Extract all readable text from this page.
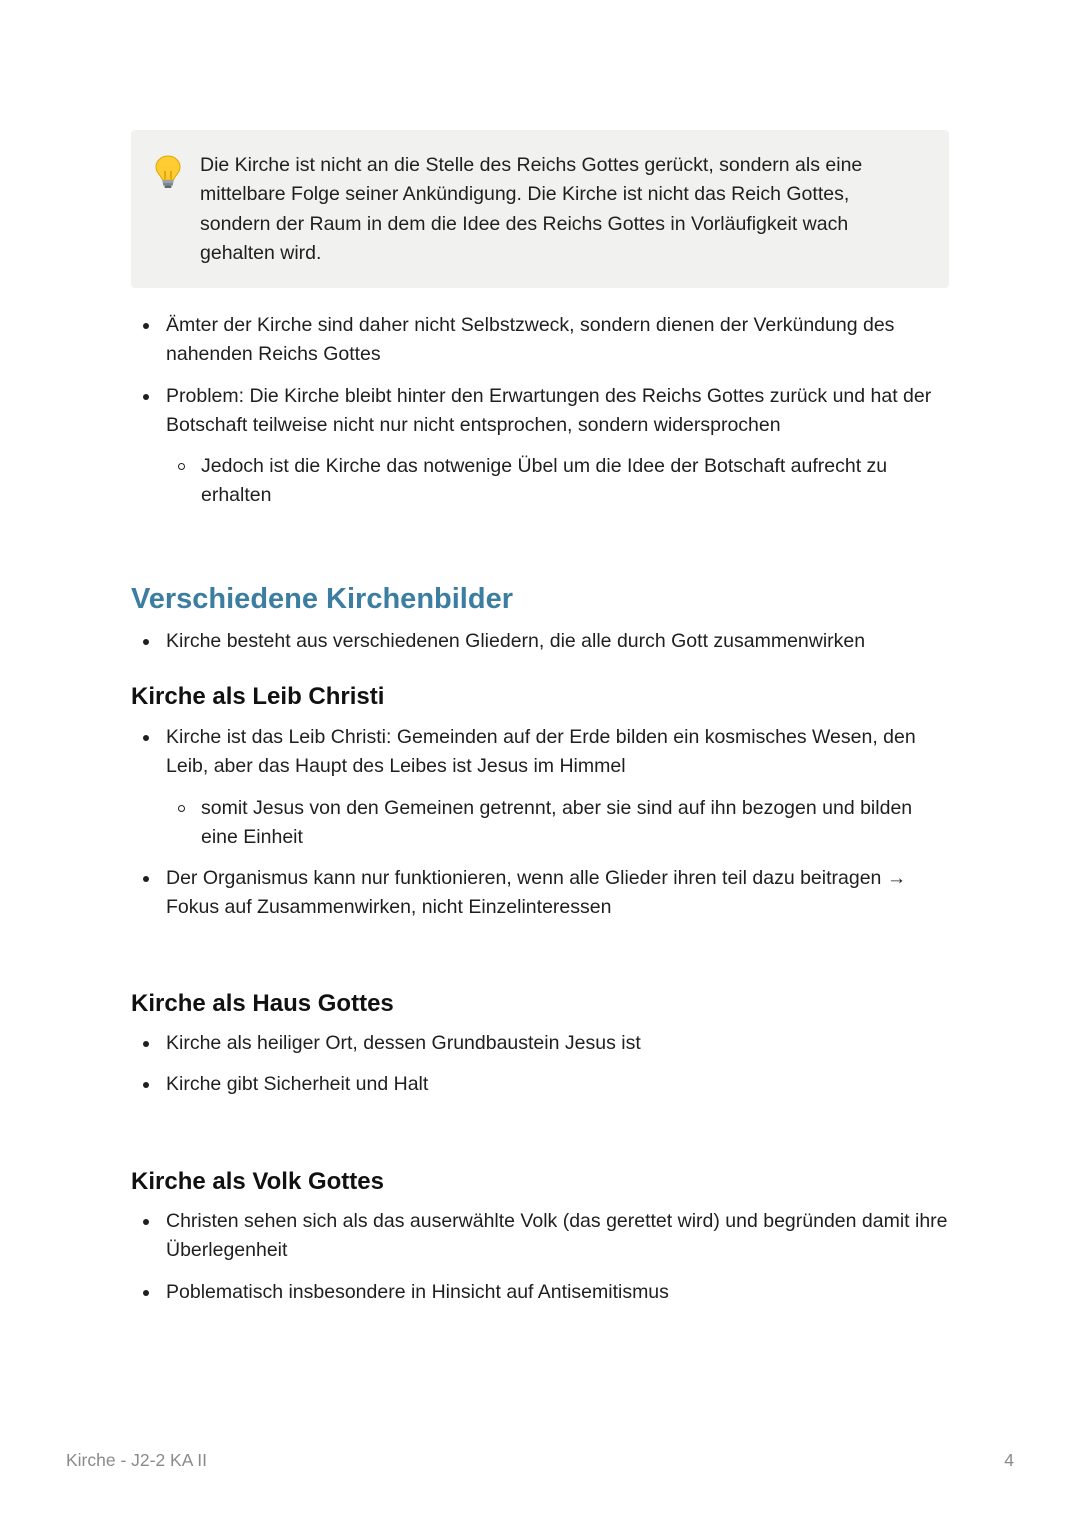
Die Kirche ist nicht an die Stelle des Reichs Gottes gerückt, sondern als eine mittelbare Folge seiner Ankündigung. Die Kirche ist nicht das Reich Gottes, sondern der Raum in dem die Idee des Reichs Gottes in Vorläufigkeit wach gehalten wird.
Ämter der Kirche sind daher nicht Selbstzweck, sondern dienen der Verkündung des nahenden Reichs Gottes
Problem: Die Kirche bleibt hinter den Erwartungen des Reichs Gottes zurück und hat der Botschaft teilweise nicht nur nicht entsprochen, sondern widersprochen
Jedoch ist die Kirche das notwenige Übel um die Idee der Botschaft aufrecht zu erhalten
Verschiedene Kirchenbilder
Kirche besteht aus verschiedenen Gliedern, die alle durch Gott zusammenwirken
Kirche als Leib Christi
Kirche ist das Leib Christi: Gemeinden auf der Erde bilden ein kosmisches Wesen, den Leib, aber das Haupt des Leibes ist Jesus im Himmel
somit Jesus von den Gemeinen getrennt, aber sie sind auf ihn bezogen und bilden eine Einheit
Der Organismus kann nur funktionieren, wenn alle Glieder ihren teil dazu beitragen → Fokus auf Zusammenwirken, nicht Einzelinteressen
Kirche als Haus Gottes
Kirche als heiliger Ort, dessen Grundbaustein Jesus ist
Kirche gibt Sicherheit und Halt
Kirche als Volk Gottes
Christen sehen sich als das auserwählte Volk (das gerettet wird) und begründen damit ihre Überlegenheit
Poblematisch insbesondere in Hinsicht auf Antisemitismus
Kirche - J2-2 KA II	4
